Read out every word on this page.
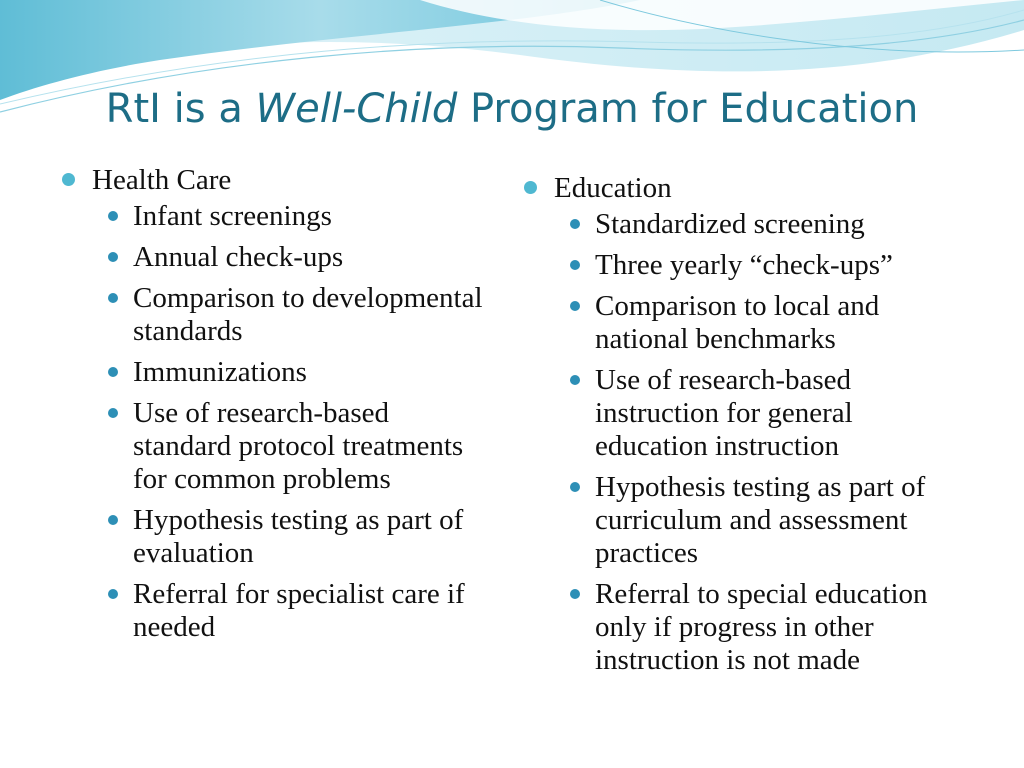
RtI is a Well-Child Program for Education
Health Care
Infant screenings
Annual check-ups
Comparison to developmental standards
Immunizations
Use of research-based standard protocol treatments for common problems
Hypothesis testing as part of evaluation
Referral for specialist care if needed
Education
Standardized screening
Three yearly “check-ups”
Comparison to local and national benchmarks
Use of research-based instruction for general education instruction
Hypothesis testing as part of curriculum and assessment practices
Referral to special education only if progress in other instruction is not made
